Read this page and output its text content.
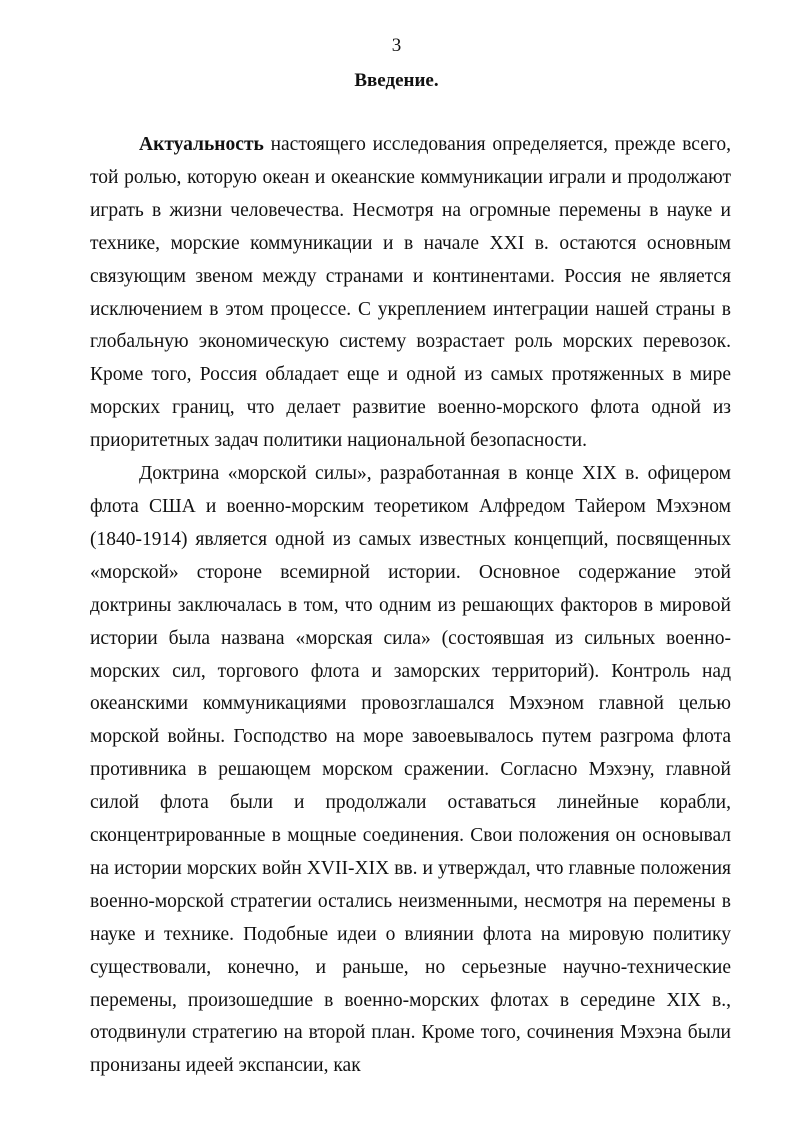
3
Введение.

Актуальность настоящего исследования определяется, прежде всего, той ролью, которую океан и океанские коммуникации играли и продолжают играть в жизни человечества. Несмотря на огромные перемены в науке и технике, морские коммуникации и в начале XXI в. остаются основным связующим звеном между странами и континентами. Россия не является исключением в этом процессе. С укреплением интеграции нашей страны в глобальную экономическую систему возрастает роль морских перевозок. Кроме того, Россия обладает еще и одной из самых протяженных в мире морских границ, что делает развитие военно-морского флота одной из приоритетных задач политики национальной безопасности.

Доктрина «морской силы», разработанная в конце XIX в. офицером флота США и военно-морским теоретиком Алфредом Тайером Мэхэном (1840-1914) является одной из самых известных концепций, посвященных «морской» стороне всемирной истории. Основное содержание этой доктрины заключалась в том, что одним из решающих факторов в мировой истории была названа «морская сила» (состоявшая из сильных военно-морских сил, торгового флота и заморских территорий). Контроль над океанскими коммуникациями провозглашался Мэхэном главной целью морской войны. Господство на море завоевывалось путем разгрома флота противника в решающем морском сражении. Согласно Мэхэну, главной силой флота были и продолжали оставаться линейные корабли, сконцентрированные в мощные соединения. Свои положения он основывал на истории морских войн XVII-XIX вв. и утверждал, что главные положения военно-морской стратегии остались неизменными, несмотря на перемены в науке и технике. Подобные идеи о влиянии флота на мировую политику существовали, конечно, и раньше, но серьезные научно-технические перемены, произошедшие в военно-морских флотах в середине XIX в., отодвинули стратегию на второй план. Кроме того, сочинения Мэхэна были пронизаны идеей экспансии, как
